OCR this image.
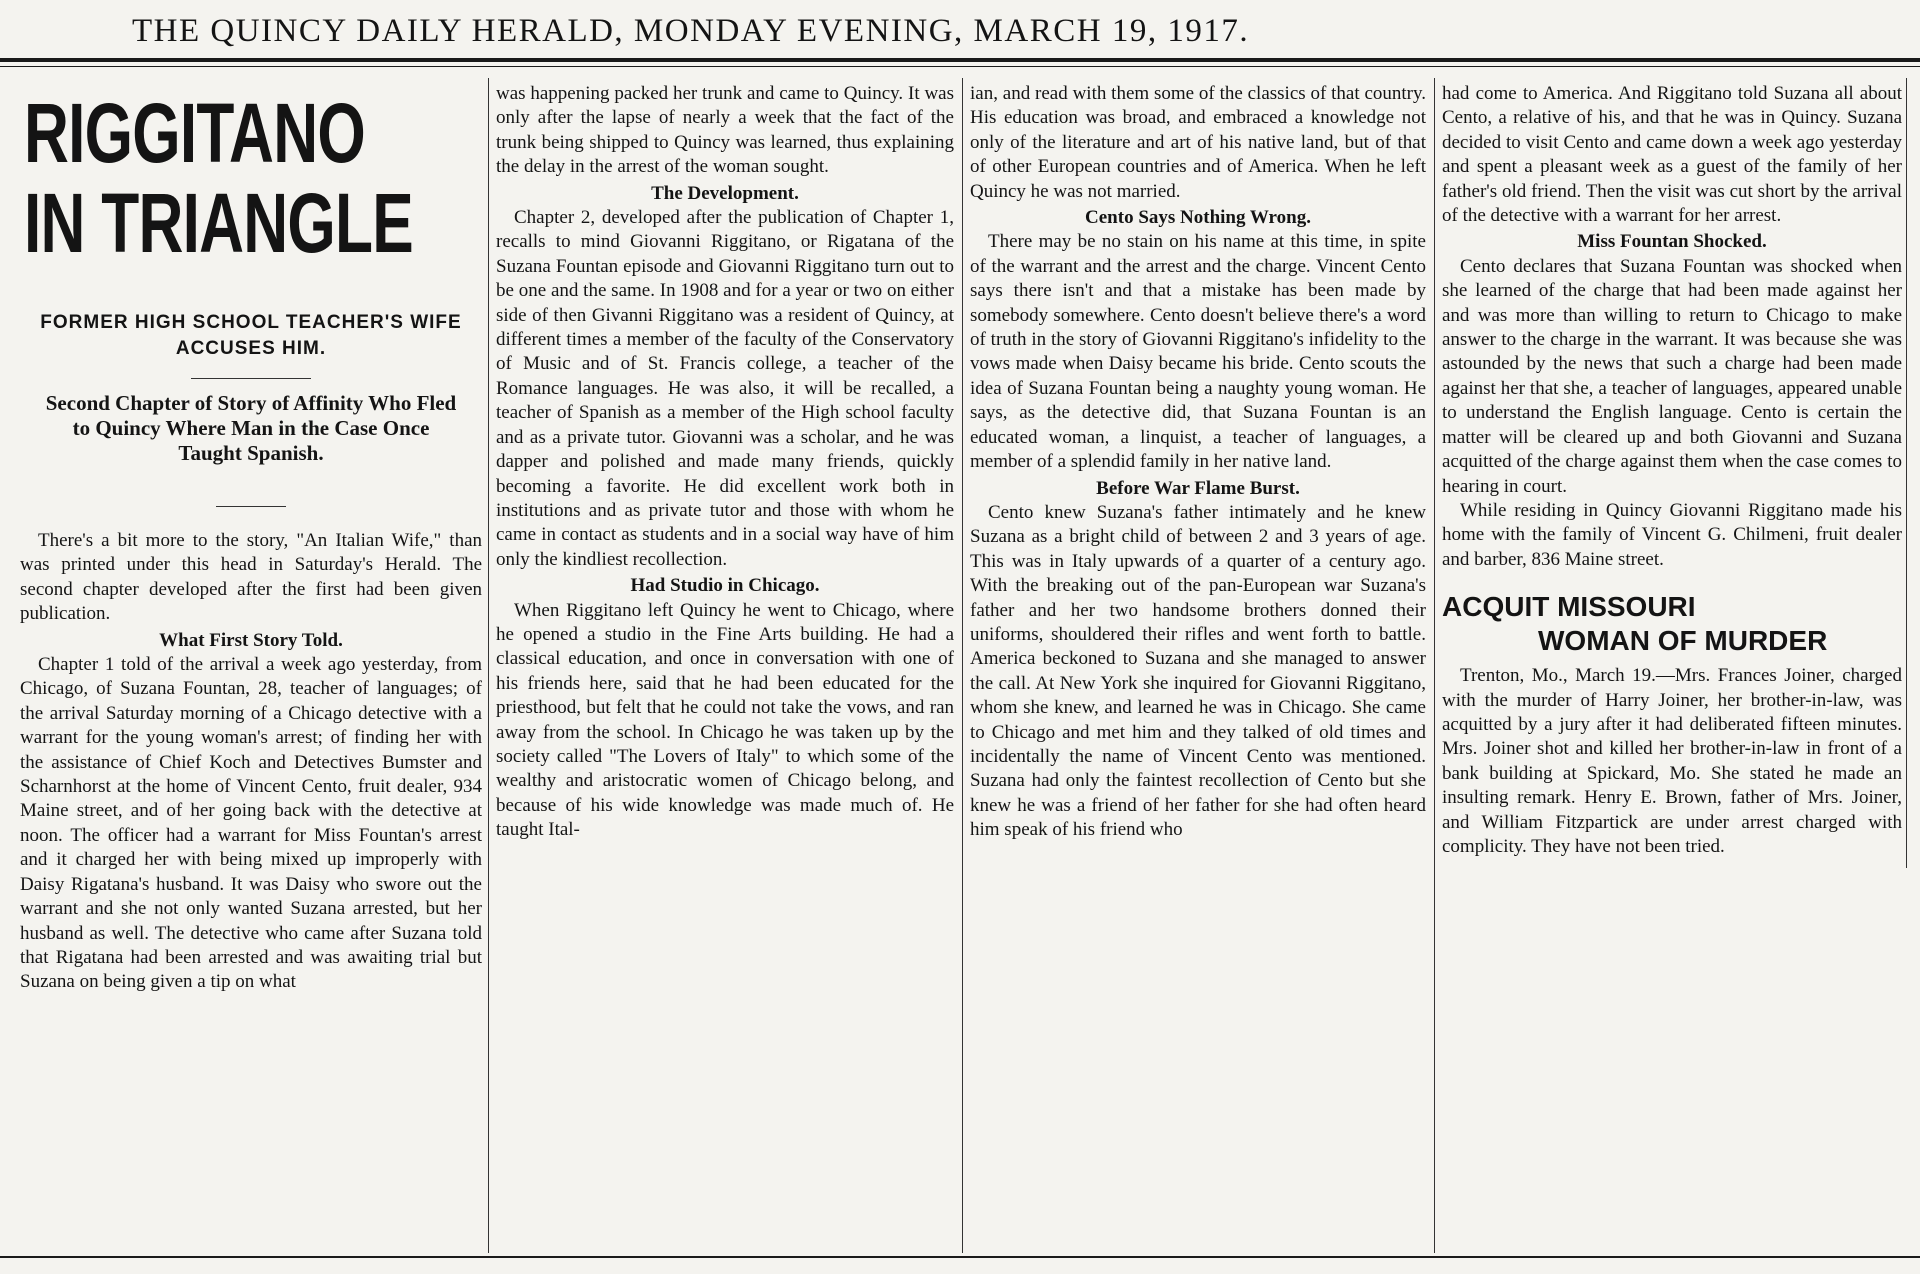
THE QUINCY DAILY HERALD, MONDAY EVENING, MARCH 19, 1917.
RIGGITANO
IN TRIANGLE
FORMER HIGH SCHOOL TEACHER'S WIFE ACCUSES HIM.
Second Chapter of Story of Affinity Who Fled to Quincy Where Man in the Case Once Taught Spanish.

There's a bit more to the story, "An Italian Wife," than was printed under this head in Saturday's Herald. The second chapter developed after the first had been given publication.

What First Story Told.

Chapter 1 told of the arrival a week ago yesterday, from Chicago, of Suzana Fountan, 28, teacher of languages; of the arrival Saturday morning of a Chicago detective with a warrant for the young woman's arrest; of finding her with the assistance of Chief Koch and Detectives Bumster and Scharnhorst at the home of Vincent Cento, fruit dealer, 934 Maine street, and of her going back with the detective at noon. The officer had a warrant for Miss Fountan's arrest and it charged her with being mixed up improperly with Daisy Rigatana's husband. It was Daisy who swore out the warrant and she not only wanted Suzana arrested, but her husband as well. The detective who came after Suzana told that Rigatana had been arrested and was awaiting trial but Suzana on being given a tip on what

was happening packed her trunk and came to Quincy. It was only after the lapse of nearly a week that the fact of the trunk being shipped to Quincy was learned, thus explaining the delay in the arrest of the woman sought.

The Development.

Chapter 2, developed after the publication of Chapter 1, recalls to mind Giovanni Riggitano, or Rigatana of the Suzana Fountan episode and Giovanni Riggitano turn out to be one and the same. In 1908 and for a year or two on either side of then Givanni Riggitano was a resident of Quincy, at different times a member of the faculty of the Conservatory of Music and of St. Francis college, a teacher of the Romance languages. He was also, it will be recalled, a teacher of Spanish as a member of the High school faculty and as a private tutor. Giovanni was a scholar, and he was dapper and polished and made many friends, quickly becoming a favorite. He did excellent work both in institutions and as private tutor and those with whom he came in contact as students and in a social way have of him only the kindliest recollection.

Had Studio in Chicago.

When Riggitano left Quincy he went to Chicago, where he opened a studio in the Fine Arts building. He had a classical education, and once in conversation with one of his friends here, said that he had been educated for the priesthood, but felt that he could not take the vows, and ran away from the school. In Chicago he was taken up by the society called "The Lovers of Italy" to which some of the wealthy and aristocratic women of Chicago belong, and because of his wide knowledge was made much of. He taught Ital-

ian, and read with them some of the classics of that country. His education was broad, and embraced a knowledge not only of the literature and art of his native land, but of that of other European countries and of America. When he left Quincy he was not married.

Cento Says Nothing Wrong.

There may be no stain on his name at this time, in spite of the warrant and the arrest and the charge. Vincent Cento says there isn't and that a mistake has been made by somebody somewhere. Cento doesn't believe there's a word of truth in the story of Giovanni Riggitano's infidelity to the vows made when Daisy became his bride. Cento scouts the idea of Suzana Fountan being a naughty young woman. He says, as the detective did, that Suzana Fountan is an educated woman, a linquist, a teacher of languages, a member of a splendid family in her native land.

Before War Flame Burst.

Cento knew Suzana's father intimately and he knew Suzana as a bright child of between 2 and 3 years of age. This was in Italy upwards of a quarter of a century ago. With the breaking out of the pan-European war Suzana's father and her two handsome brothers donned their uniforms, shouldered their rifles and went forth to battle. America beckoned to Suzana and she managed to answer the call. At New York she inquired for Giovanni Riggitano, whom she knew, and learned he was in Chicago. She came to Chicago and met him and they talked of old times and incidentally the name of Vincent Cento was mentioned. Suzana had only the faintest recollection of Cento but she knew he was a friend of her father for she had often heard him speak of his friend who

had come to America. And Riggitano told Suzana all about Cento, a relative of his, and that he was in Quincy. Suzana decided to visit Cento and came down a week ago yesterday and spent a pleasant week as a guest of the family of her father's old friend. Then the visit was cut short by the arrival of the detective with a warrant for her arrest.

Miss Fountan Shocked.

Cento declares that Suzana Fountan was shocked when she learned of the charge that had been made against her and was more than willing to return to Chicago to make answer to the charge in the warrant. It was because she was astounded by the news that such a charge had been made against her that she, a teacher of languages, appeared unable to understand the English language. Cento is certain the matter will be cleared up and both Giovanni and Suzana acquitted of the charge against them when the case comes to hearing in court.

While residing in Quincy Giovanni Riggitano made his home with the family of Vincent G. Chilmeni, fruit dealer and barber, 836 Maine street.

ACQUIT MISSOURI
WOMAN OF MURDER

Trenton, Mo., March 19.—Mrs. Frances Joiner, charged with the murder of Harry Joiner, her brother-in-law, was acquitted by a jury after it had deliberated fifteen minutes. Mrs. Joiner shot and killed her brother-in-law in front of a bank building at Spickard, Mo. She stated he made an insulting remark. Henry E. Brown, father of Mrs. Joiner, and William Fitzpartick are under arrest charged with complicity. They have not been tried.
